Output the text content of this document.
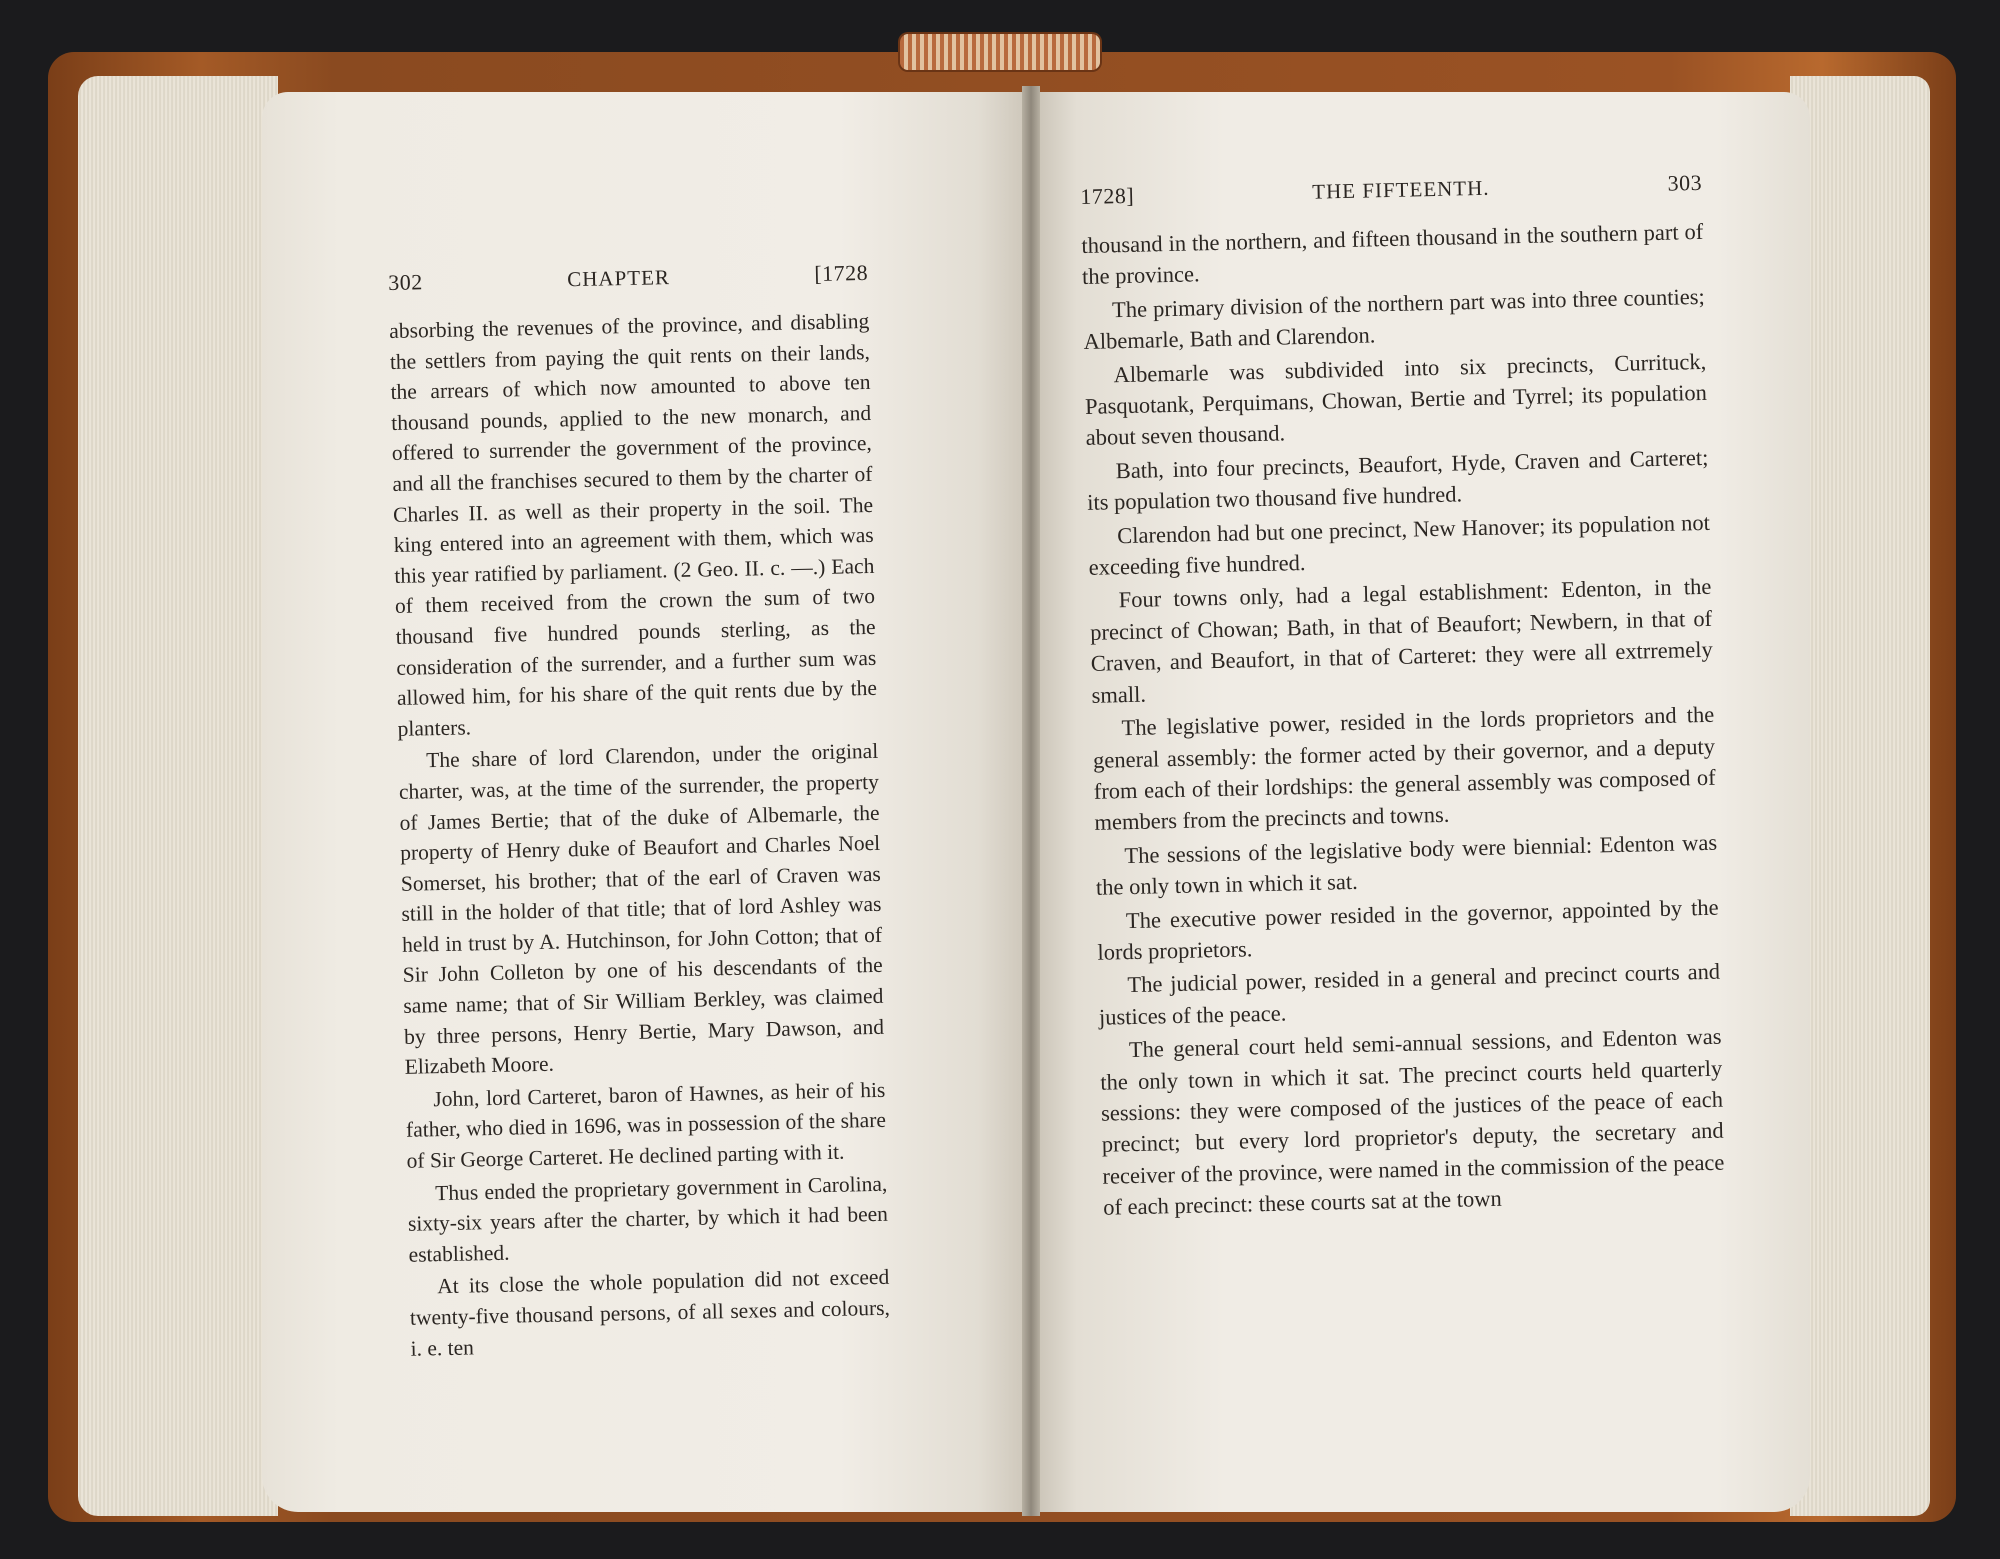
302	CHAPTER	[1728

absorbing the revenues of the province, and disabling the settlers from paying the quit rents on their lands, the arrears of which now amounted to above ten thousand pounds, applied to the new monarch, and offered to surrender the government of the province, and all the franchises secured to them by the charter of Charles II. as well as their property in the soil. The king entered into an agreement with them, which was this year ratified by parliament. (2 Geo. II. c. —.) Each of them received from the crown the sum of two thousand five hundred pounds sterling, as the consideration of the surrender, and a further sum was allowed him, for his share of the quit rents due by the planters.

The share of lord Clarendon, under the original charter, was, at the time of the surrender, the property of James Bertie; that of the duke of Albemarle, the property of Henry duke of Beaufort and Charles Noel Somerset, his brother; that of the earl of Craven was still in the holder of that title; that of lord Ashley was held in trust by A. Hutchinson, for John Cotton; that of Sir John Colleton by one of his descendants of the same name; that of Sir William Berkley, was claimed by three persons, Henry Bertie, Mary Dawson, and Elizabeth Moore.

John, lord Carteret, baron of Hawnes, as heir of his father, who died in 1696, was in possession of the share of Sir George Carteret. He declined parting with it.

Thus ended the proprietary government in Carolina, sixty-six years after the charter, by which it had been established.

At its close the whole population did not exceed twenty-five thousand persons, of all sexes and colours, i. e. ten

1728]	THE FIFTEENTH.	303

thousand in the northern, and fifteen thousand in the southern part of the province.

The primary division of the northern part was into three counties; Albemarle, Bath and Clarendon.

Albemarle was subdivided into six precincts, Currituck, Pasquotank, Perquimans, Chowan, Bertie and Tyrrel; its population about seven thousand.

Bath, into four precincts, Beaufort, Hyde, Craven and Carteret; its population two thousand five hundred.

Clarendon had but one precinct, New Hanover; its population not exceeding five hundred.

Four towns only, had a legal establishment: Edenton, in the precinct of Chowan; Bath, in that of Beaufort; Newbern, in that of Craven, and Beaufort, in that of Carteret: they were all extrremely small.

The legislative power, resided in the lords proprietors and the general assembly: the former acted by their governor, and a deputy from each of their lordships: the general assembly was composed of members from the precincts and towns.

The sessions of the legislative body were biennial: Edenton was the only town in which it sat.

The executive power resided in the governor, appointed by the lords proprietors.

The judicial power, resided in a general and precinct courts and justices of the peace.

The general court held semi-annual sessions, and Edenton was the only town in which it sat. The precinct courts held quarterly sessions: they were composed of the justices of the peace of each precinct; but every lord proprietor's deputy, the secretary and receiver of the province, were named in the commission of the peace of each precinct: these courts sat at the town
